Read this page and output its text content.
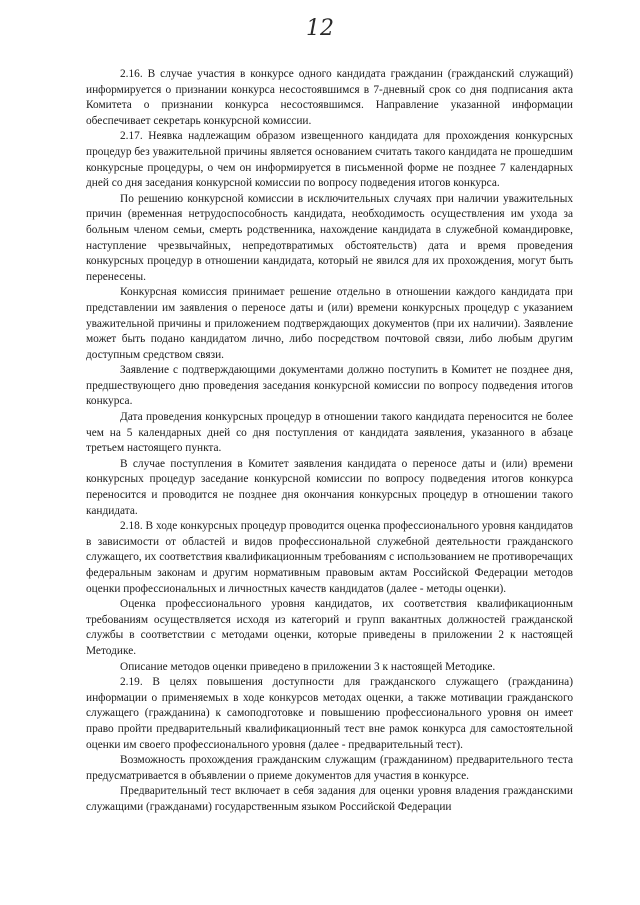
12

2.16. В случае участия в конкурсе одного кандидата гражданин (гражданский служащий) информируется о признании конкурса несостоявшимся в 7-дневный срок со дня подписания акта Комитета о признании конкурса несостоявшимся. Направление указанной информации обеспечивает секретарь конкурсной комиссии.

2.17. Неявка надлежащим образом извещенного кандидата для прохождения конкурсных процедур без уважительной причины является основанием считать такого кандидата не прошедшим конкурсные процедуры, о чем он информируется в письменной форме не позднее 7 календарных дней со дня заседания конкурсной комиссии по вопросу подведения итогов конкурса.

По решению конкурсной комиссии в исключительных случаях при наличии уважительных причин (временная нетрудоспособность кандидата, необходимость осуществления им ухода за больным членом семьи, смерть родственника, нахождение кандидата в служебной командировке, наступление чрезвычайных, непредотвратимых обстоятельств) дата и время проведения конкурсных процедур в отношении кандидата, который не явился для их прохождения, могут быть перенесены.

Конкурсная комиссия принимает решение отдельно в отношении каждого кандидата при представлении им заявления о переносе даты и (или) времени конкурсных процедур с указанием уважительной причины и приложением подтверждающих документов (при их наличии). Заявление может быть подано кандидатом лично, либо посредством почтовой связи, либо любым другим доступным средством связи.

Заявление с подтверждающими документами должно поступить в Комитет не позднее дня, предшествующего дню проведения заседания конкурсной комиссии по вопросу подведения итогов конкурса.

Дата проведения конкурсных процедур в отношении такого кандидата переносится не более чем на 5 календарных дней со дня поступления от кандидата заявления, указанного в абзаце третьем настоящего пункта.

В случае поступления в Комитет заявления кандидата о переносе даты и (или) времени конкурсных процедур заседание конкурсной комиссии по вопросу подведения итогов конкурса переносится и проводится не позднее дня окончания конкурсных процедур в отношении такого кандидата.

2.18. В ходе конкурсных процедур проводится оценка профессионального уровня кандидатов в зависимости от областей и видов профессиональной служебной деятельности гражданского служащего, их соответствия квалификационным требованиям с использованием не противоречащих федеральным законам и другим нормативным правовым актам Российской Федерации методов оценки профессиональных и личностных качеств кандидатов (далее - методы оценки).

Оценка профессионального уровня кандидатов, их соответствия квалификационным требованиям осуществляется исходя из категорий и групп вакантных должностей гражданской службы в соответствии с методами оценки, которые приведены в приложении 2 к настоящей Методике.

Описание методов оценки приведено в приложении 3 к настоящей Методике.

2.19. В целях повышения доступности для гражданского служащего (гражданина) информации о применяемых в ходе конкурсов методах оценки, а также мотивации гражданского служащего (гражданина) к самоподготовке и повышению профессионального уровня он имеет право пройти предварительный квалификационный тест вне рамок конкурса для самостоятельной оценки им своего профессионального уровня (далее - предварительный тест).

Возможность прохождения гражданским служащим (гражданином) предварительного теста предусматривается в объявлении о приеме документов для участия в конкурсе.

Предварительный тест включает в себя задания для оценки уровня владения гражданскими служащими (гражданами) государственным языком Российской Федерации
